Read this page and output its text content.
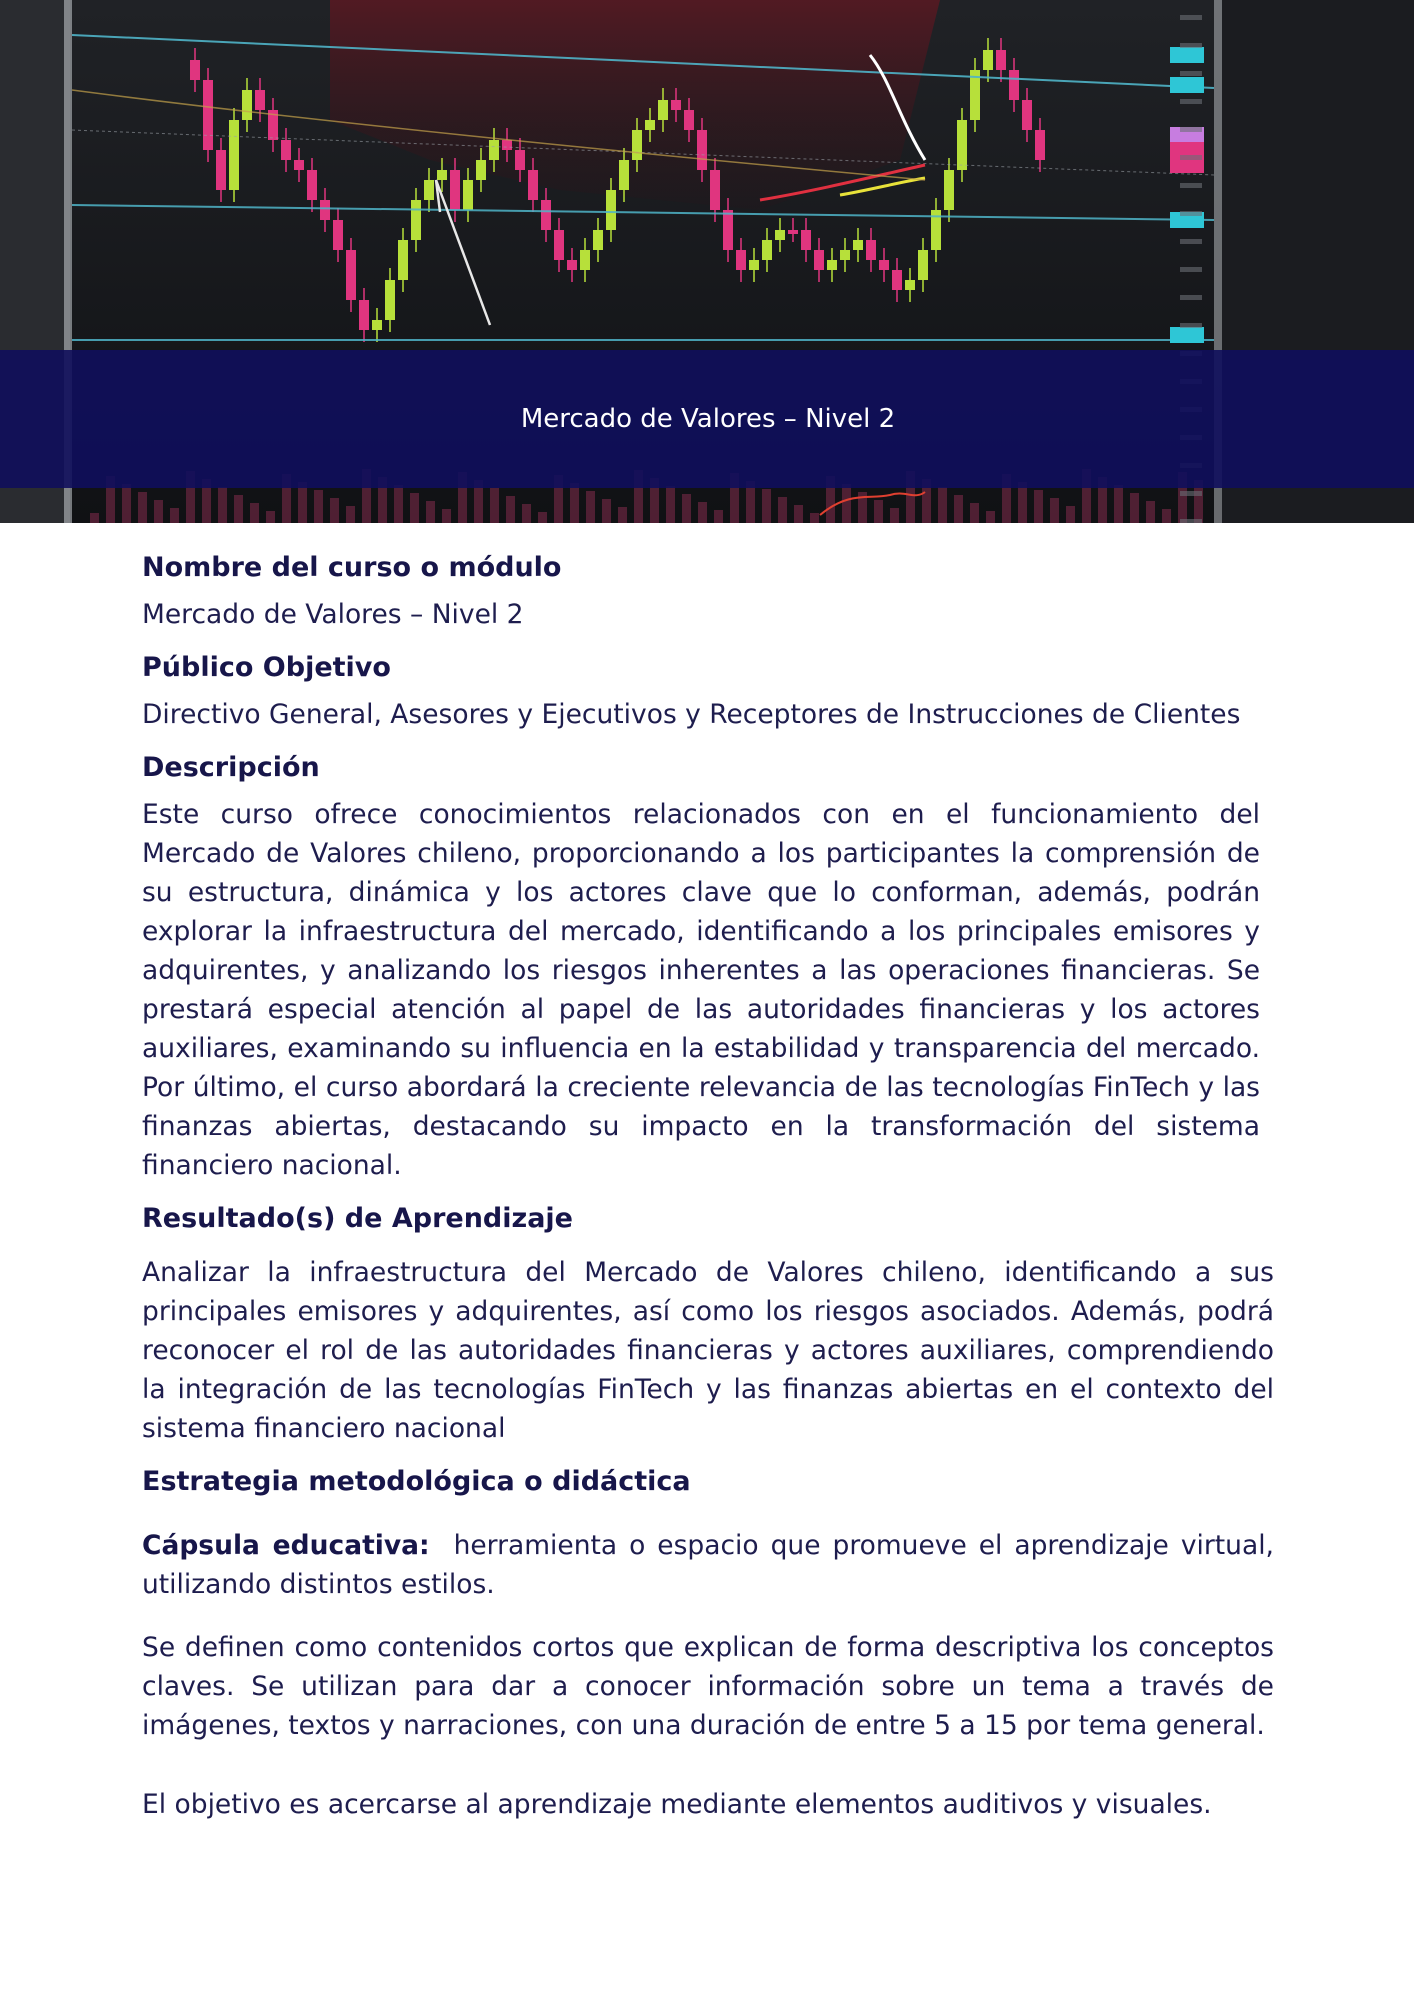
Mercado de Valores – Nivel 2

Nombre del curso o módulo

Mercado de Valores – Nivel 2

Público Objetivo

Directivo General, Asesores y Ejecutivos y Receptores de Instrucciones de Clientes

Descripción

Este curso ofrece conocimientos relacionados con en el funcionamiento del Mercado de Valores chileno, proporcionando a los participantes la comprensión de su estructura, dinámica y los actores clave que lo conforman, además, podrán explorar la infraestructura del mercado, identificando a los principales emisores y adquirentes, y analizando los riesgos inherentes a las operaciones financieras. Se prestará especial atención al papel de las autoridades financieras y los actores auxiliares, examinando su influencia en la estabilidad y transparencia del mercado. Por último, el curso abordará la creciente relevancia de las tecnologías FinTech y las finanzas abiertas, destacando su impacto en la transformación del sistema financiero nacional.

Resultado(s) de Aprendizaje

Analizar la infraestructura del Mercado de Valores chileno, identificando a sus principales emisores y adquirentes, así como los riesgos asociados. Además, podrá reconocer el rol de las autoridades financieras y actores auxiliares, comprendiendo la integración de las tecnologías FinTech y las finanzas abiertas en el contexto del sistema financiero nacional

Estrategia metodológica o didáctica

Cápsula educativa: herramienta o espacio que promueve el aprendizaje virtual, utilizando distintos estilos.

Se definen como contenidos cortos que explican de forma descriptiva los conceptos claves. Se utilizan para dar a conocer información sobre un tema a través de imágenes, textos y narraciones, con una duración de entre 5 a 15 por tema general.

El objetivo es acercarse al aprendizaje mediante elementos auditivos y visuales.
